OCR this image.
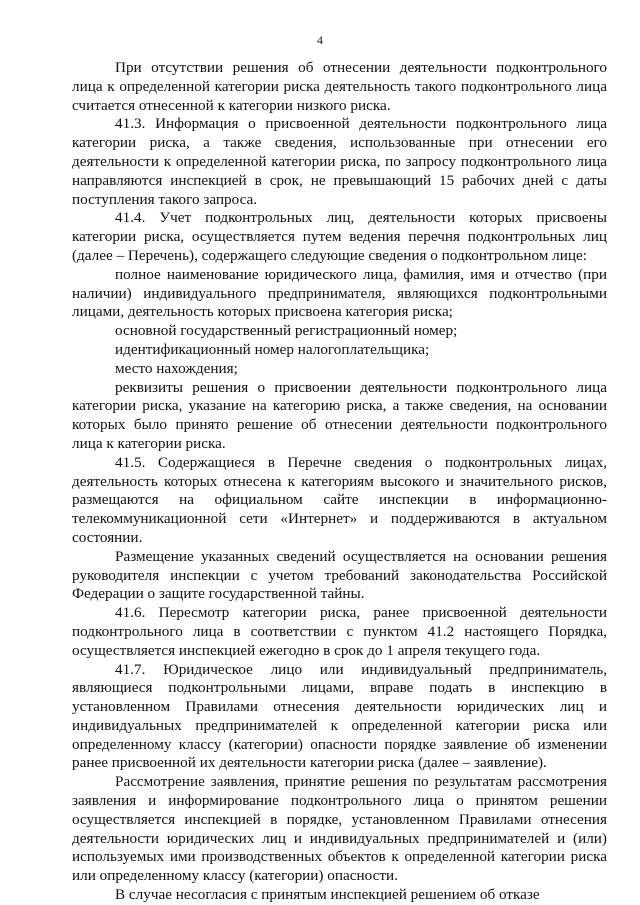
4

При отсутствии решения об отнесении деятельности подконтрольного лица к определенной категории риска деятельность такого подконтрольного лица считается отнесенной к категории низкого риска.

41.3. Информация о присвоенной деятельности подконтрольного лица категории риска, а также сведения, использованные при отнесении его деятельности к определенной категории риска, по запросу подконтрольного лица направляются инспекцией в срок, не превышающий 15 рабочих дней с даты поступления такого запроса.

41.4. Учет подконтрольных лиц, деятельности которых присвоены категории риска, осуществляется путем ведения перечня подконтрольных лиц (далее – Перечень), содержащего следующие сведения о подконтрольном лице:

полное наименование юридического лица, фамилия, имя и отчество (при наличии) индивидуального предпринимателя, являющихся подконтрольными лицами, деятельность которых присвоена категория риска;

основной государственный регистрационный номер;

идентификационный номер налогоплательщика;

место нахождения;

реквизиты решения о присвоении деятельности подконтрольного лица категории риска, указание на категорию риска, а также сведения, на основании которых было принято решение об отнесении деятельности подконтрольного лица к категории риска.

41.5. Содержащиеся в Перечне сведения о подконтрольных лицах, деятельность которых отнесена к категориям высокого и значительного рисков, размещаются на официальном сайте инспекции в информационно-телекоммуникационной сети «Интернет» и поддерживаются в актуальном состоянии.

Размещение указанных сведений осуществляется на основании решения руководителя инспекции с учетом требований законодательства Российской Федерации о защите государственной тайны.

41.6. Пересмотр категории риска, ранее присвоенной деятельности подконтрольного лица в соответствии с пунктом 41.2 настоящего Порядка, осуществляется инспекцией ежегодно в срок до 1 апреля текущего года.

41.7. Юридическое лицо или индивидуальный предприниматель, являющиеся подконтрольными лицами, вправе подать в инспекцию в установленном Правилами отнесения деятельности юридических лиц и индивидуальных предпринимателей к определенной категории риска или определенному классу (категории) опасности порядке заявление об изменении ранее присвоенной их деятельности категории риска (далее – заявление).

Рассмотрение заявления, принятие решения по результатам рассмотрения заявления и информирование подконтрольного лица о принятом решении осуществляется инспекцией в порядке, установленном Правилами отнесения деятельности юридических лиц и индивидуальных предпринимателей и (или) используемых ими производственных объектов к определенной категории риска или определенному классу (категории) опасности.

В случае несогласия с принятым инспекцией решением об отказе
